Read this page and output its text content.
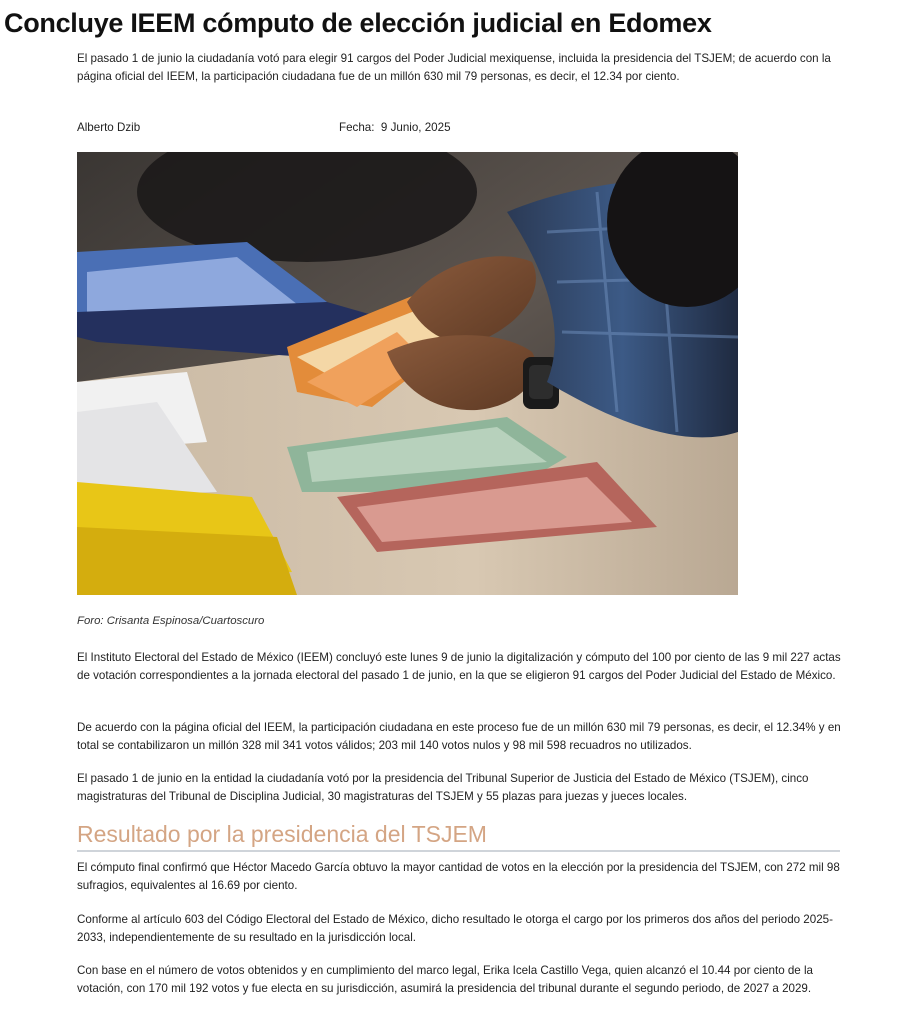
Concluye IEEM cómputo de elección judicial en Edomex

El pasado 1 de junio la ciudadanía votó para elegir 91 cargos del Poder Judicial mexiquense, incluida la presidencia del TSJEM; de acuerdo con la página oficial del IEEM, la participación ciudadana fue de un millón 630 mil 79 personas, es decir, el 12.34 por ciento.

Alberto Dzib	Fecha: 9 Junio, 2025
Foro: Crisanta Espinosa/Cuartoscuro

El Instituto Electoral del Estado de México (IEEM) concluyó este lunes 9 de junio la digitalización y cómputo del 100 por ciento de las 9 mil 227 actas de votación correspondientes a la jornada electoral del pasado 1 de junio, en la que se eligieron 91 cargos del Poder Judicial del Estado de México.

De acuerdo con la página oficial del IEEM, la participación ciudadana en este proceso fue de un millón 630 mil 79 personas, es decir, el 12.34% y en total se contabilizaron un millón 328 mil 341 votos válidos; 203 mil 140 votos nulos y 98 mil 598 recuadros no utilizados.

El pasado 1 de junio en la entidad la ciudadanía votó por la presidencia del Tribunal Superior de Justicia del Estado de México (TSJEM), cinco magistraturas del Tribunal de Disciplina Judicial, 30 magistraturas del TSJEM y 55 plazas para juezas y jueces locales.

Resultado por la presidencia del TSJEM

El cómputo final confirmó que Héctor Macedo García obtuvo la mayor cantidad de votos en la elección por la presidencia del TSJEM, con 272 mil 98 sufragios, equivalentes al 16.69 por ciento.

Conforme al artículo 603 del Código Electoral del Estado de México, dicho resultado le otorga el cargo por los primeros dos años del periodo 2025-2033, independientemente de su resultado en la jurisdicción local.

Con base en el número de votos obtenidos y en cumplimiento del marco legal, Erika Icela Castillo Vega, quien alcanzó el 10.44 por ciento de la votación, con 170 mil 192 votos y fue electa en su jurisdicción, asumirá la presidencia del tribunal durante el segundo periodo, de 2027 a 2029.
